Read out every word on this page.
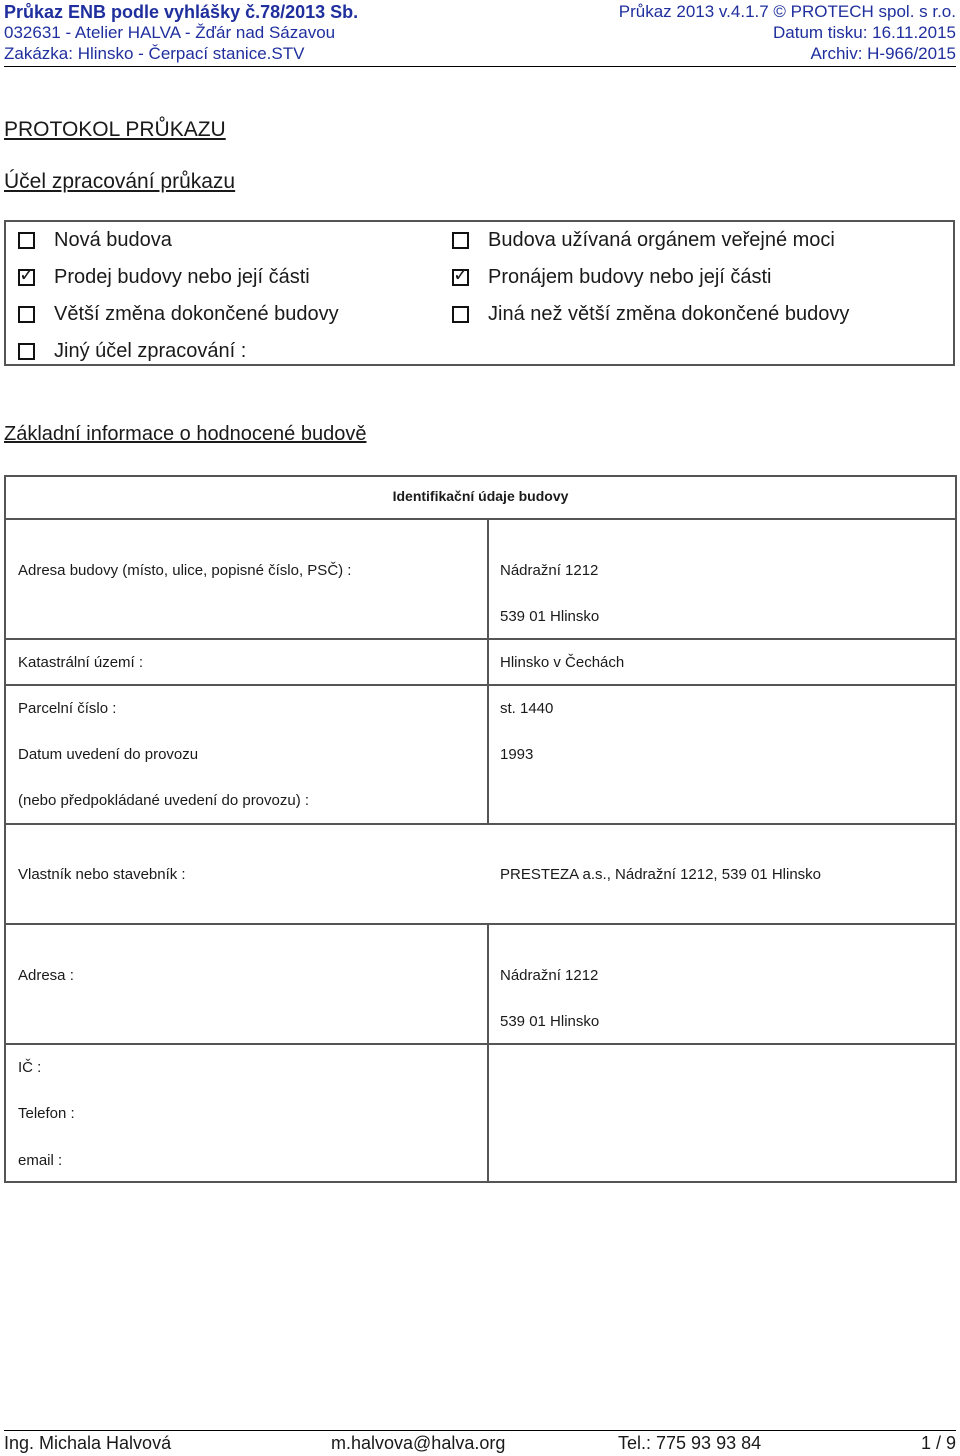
Průkaz ENB podle vyhlášky č.78/2013 Sb.	Průkaz 2013 v.4.1.7 © PROTECH spol. s r.o.
032631 - Atelier HALVA - Žďár nad Sázavou	Datum tisku: 16.11.2015
Zakázka: Hlinsko - Čerpací stanice.STV	Archiv: H-966/2015
PROTOKOL PRŮKAZU
Účel zpracování průkazu
Nová budova
✓ Prodej budovy nebo její části
Větší změna dokončené budovy
Jiný účel zpracování :
Budova užívaná orgánem veřejné moci
✓ Pronájem budovy nebo její části
Jiná než větší změna dokončené budovy
Základní informace o hodnocené budově
Identifikační údaje budovy
Adresa budovy (místo, ulice, popisné číslo, PSČ) :	Nádražní 1212
539 01 Hlinsko
Katastrální území :	Hlinsko v Čechách
Parcelní číslo :	st. 1440
Datum uvedení do provozu	1993
(nebo předpokládané uvedení do provozu) :
Vlastník nebo stavebník :	PRESTEZA a.s., Nádražní 1212, 539 01 Hlinsko
Adresa :	Nádražní 1212
539 01 Hlinsko
IČ :
Telefon :
email :
Ing. Michala Halvová	m.halvova@halva.org	Tel.: 775 93 93 84	1 / 9
